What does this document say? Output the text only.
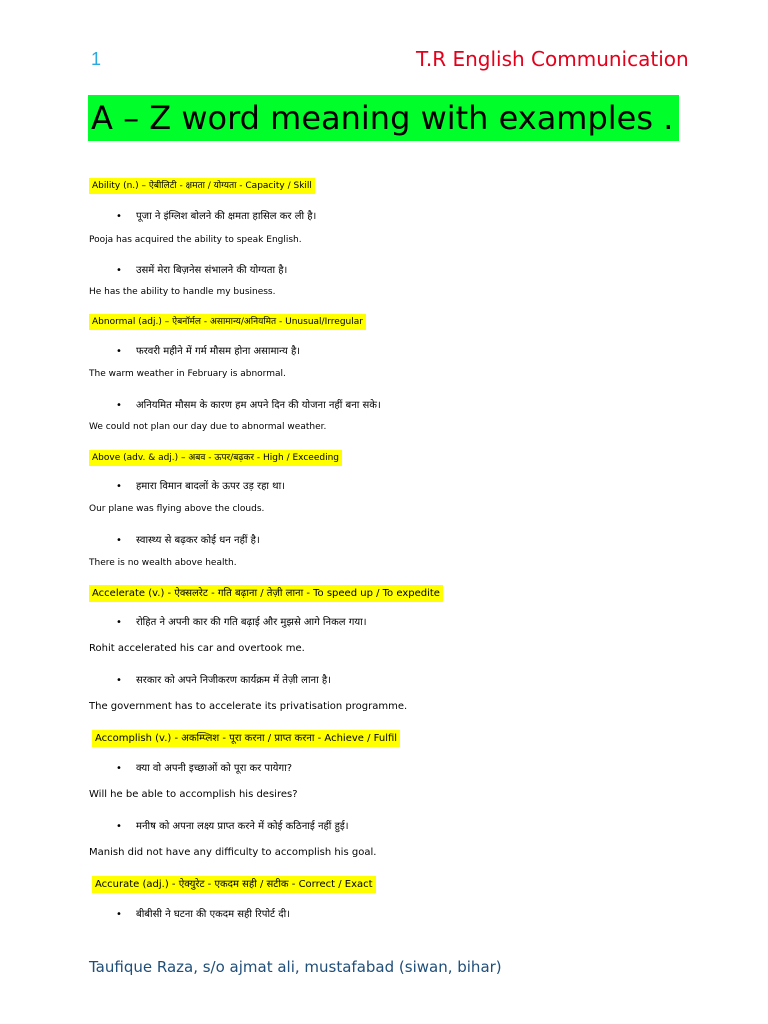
1	T.R English Communication
A – Z word meaning with examples .
Ability (n.) – ऐबीलिटी - क्षमता / योग्यता - Capacity / Skill
• पूजा ने इंग्लिश बोलने की क्षमता हासिल कर ली है।
Pooja has acquired the ability to speak English.
• उसमें मेरा बिज़नेस संभालने की योग्यता है।
He has the ability to handle my business.
Abnormal (adj.) – ऐबनॉर्मल - असामान्य/अनियमित - Unusual/Irregular
• फरवरी महीने में गर्म मौसम होना असामान्य है।
The warm weather in February is abnormal.
• अनियमित मौसम के कारण हम अपने दिन की योजना नहीं बना सके।
We could not plan our day due to abnormal weather.
Above (adv. & adj.) – अबव - ऊपर/बढ़कर - High / Exceeding
• हमारा विमान बादलों के ऊपर उड़ रहा था।
Our plane was flying above the clouds.
• स्वास्थ्य से बढ़कर कोई धन नहीं है।
There is no wealth above health.
Accelerate (v.) - ऐक्सलरेट - गति बढ़ाना / तेज़ी लाना - To speed up / To expedite
• रोहित ने अपनी कार की गति बढ़ाई और मुझसे आगे निकल गया।
Rohit accelerated his car and overtook me.
• सरकार को अपने निजीकरण कार्यक्रम में तेज़ी लाना है।
The government has to accelerate its privatisation programme.
Accomplish (v.) - अकम्प्लिश - पूरा करना / प्राप्त करना - Achieve / Fulfil
• क्या वो अपनी इच्छाओं को पूरा कर पायेगा?
Will he be able to accomplish his desires?
• मनीष को अपना लक्ष्य प्राप्त करने में कोई कठिनाई नहीं हुई।
Manish did not have any difficulty to accomplish his goal.
Accurate (adj.) - ऐक्युरेट - एकदम सही / सटीक - Correct / Exact
• बीबीसी ने घटना की एकदम सही रिपोर्ट दी।
Taufique Raza, s/o ajmat ali, mustafabad (siwan, bihar)
